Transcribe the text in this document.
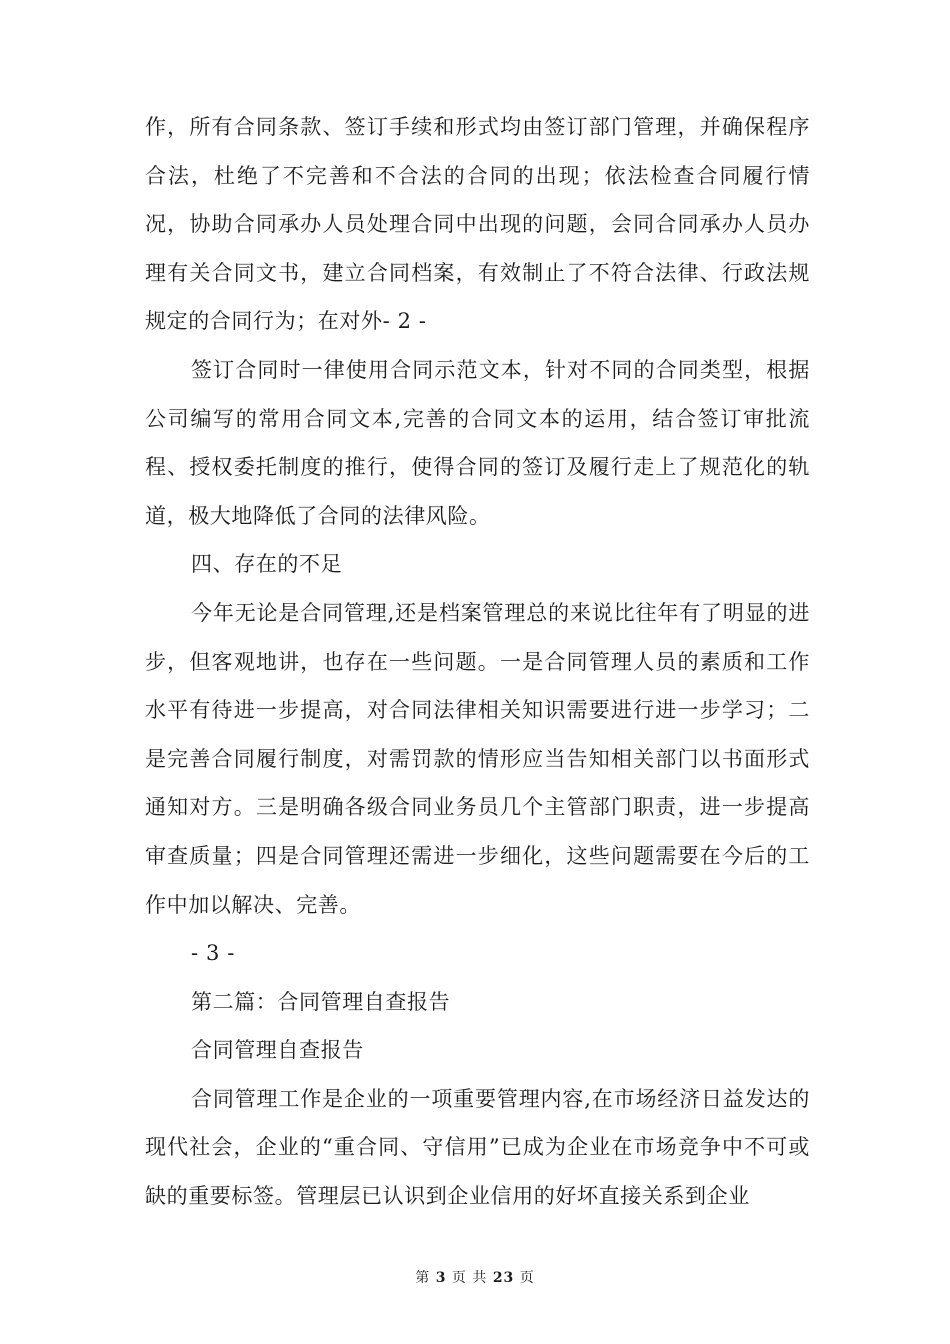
作，所有合同条款、签订手续和形式均由签订部门管理，并确保程序合法，杜绝了不完善和不合法的合同的出现；依法检查合同履行情况，协助合同承办人员处理合同中出现的问题，会同合同承办人员办理有关合同文书，建立合同档案，有效制止了不符合法律、行政法规规定的合同行为；在对外- 2 -

签订合同时一律使用合同示范文本，针对不同的合同类型，根据公司编写的常用合同文本,完善的合同文本的运用，结合签订审批流程、授权委托制度的推行，使得合同的签订及履行走上了规范化的轨道，极大地降低了合同的法律风险。

四、存在的不足

今年无论是合同管理,还是档案管理总的来说比往年有了明显的进步，但客观地讲，也存在一些问题。一是合同管理人员的素质和工作水平有待进一步提高，对合同法律相关知识需要进行进一步学习；二是完善合同履行制度，对需罚款的情形应当告知相关部门以书面形式通知对方。三是明确各级合同业务员几个主管部门职责，进一步提高审查质量；四是合同管理还需进一步细化，这些问题需要在今后的工作中加以解决、完善。

- 3 -

第二篇：合同管理自查报告

合同管理自查报告

合同管理工作是企业的一项重要管理内容,在市场经济日益发达的现代社会，企业的“重合同、守信用”已成为企业在市场竞争中不可或缺的重要标签。管理层已认识到企业信用的好坏直接关系到企业

第 3 页 共 23 页
